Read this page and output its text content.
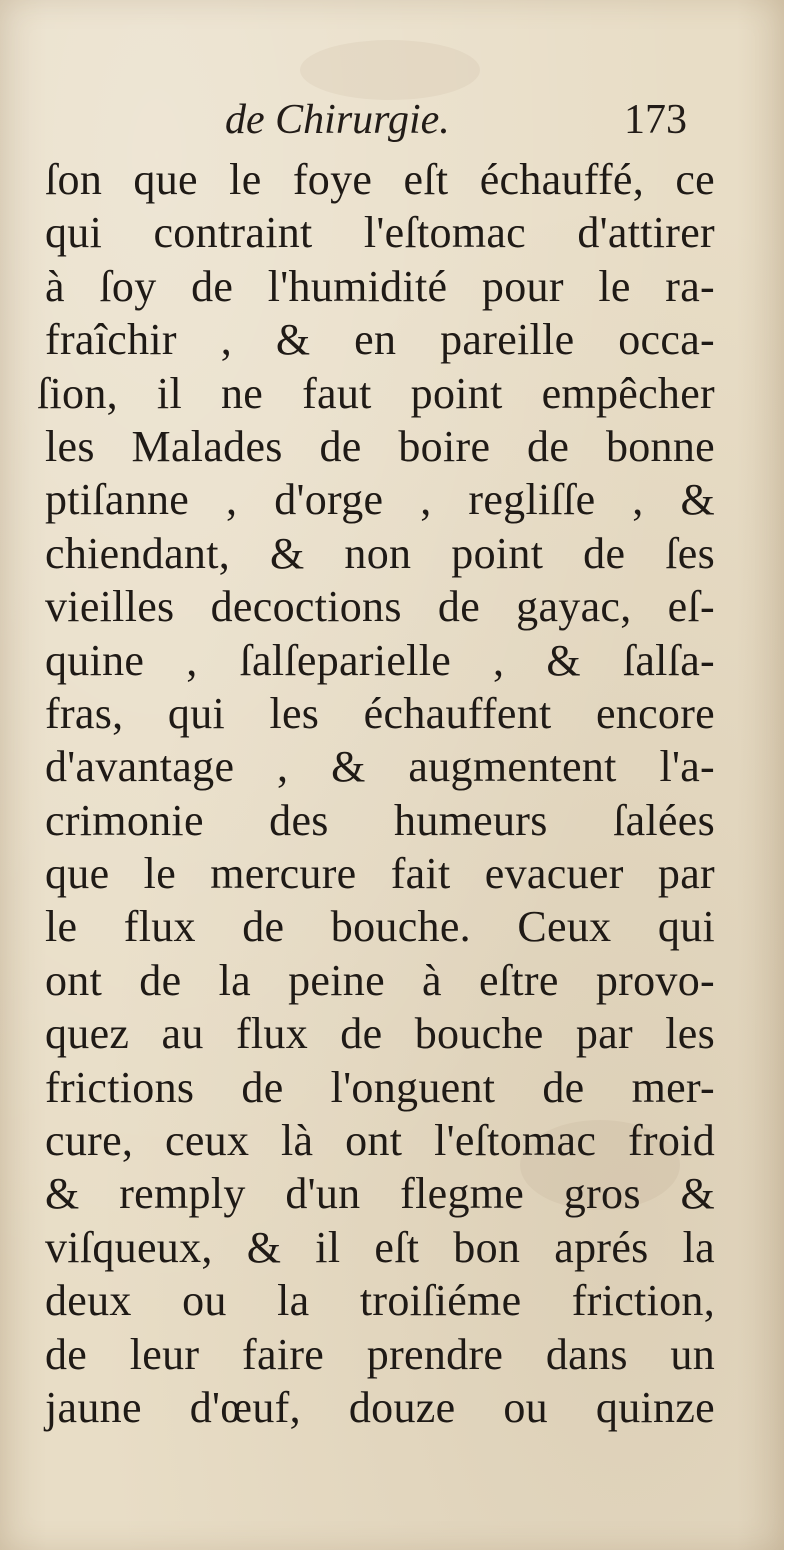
de Chirurgie.	173
ſon que le foye eſt échauffé, ce
qui contraint l'eſtomac d'attirer
à ſoy de l'humidité pour le ra-
fraîchir , & en pareille occa-
ſion, il ne faut point empêcher
les Malades de boire de bonne
ptiſanne , d'orge , regliſſe , &
chiendant, & non point de ſes
vieilles decoctions de gayac, eſ-
quine , ſalſeparielle , & ſalſa-
fras, qui les échauffent encore
d'avantage , & augmentent l'a-
crimonie des humeurs ſalées
que le mercure fait evacuer par
le flux de bouche. Ceux qui
ont de la peine à eſtre provo-
quez au flux de bouche par les
frictions de l'onguent de mer-
cure, ceux là ont l'eſtomac froid
& remply d'un flegme gros &
viſqueux, & il eſt bon aprés la
deux ou la troiſiéme friction,
de leur faire prendre dans un
jaune d'œuf, douze ou quinze
